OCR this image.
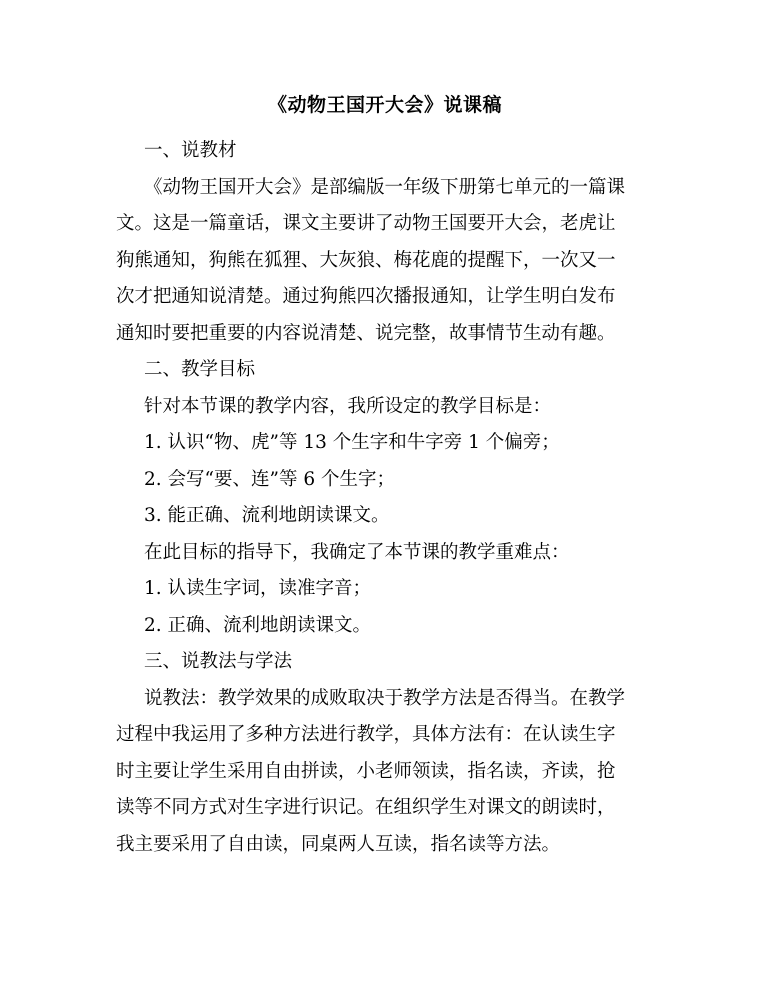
《动物王国开大会》说课稿
一、说教材
《动物王国开大会》是部编版一年级下册第七单元的一篇课
文。这是一篇童话，课文主要讲了动物王国要开大会，老虎让
狗熊通知，狗熊在狐狸、大灰狼、梅花鹿的提醒下，一次又一
次才把通知说清楚。通过狗熊四次播报通知，让学生明白发布
通知时要把重要的内容说清楚、说完整，故事情节生动有趣。
二、教学目标
针对本节课的教学内容，我所设定的教学目标是：
1. 认识“物、虎”等 13 个生字和牛字旁 1 个偏旁；
2. 会写“要、连”等 6 个生字；
3. 能正确、流利地朗读课文。
在此目标的指导下，我确定了本节课的教学重难点：
1. 认读生字词，读准字音；
2. 正确、流利地朗读课文。
三、说教法与学法
说教法：教学效果的成败取决于教学方法是否得当。在教学
过程中我运用了多种方法进行教学，具体方法有：在认读生字
时主要让学生采用自由拼读，小老师领读，指名读，齐读，抢
读等不同方式对生字进行识记。在组织学生对课文的朗读时，
我主要采用了自由读，同桌两人互读，指名读等方法。
